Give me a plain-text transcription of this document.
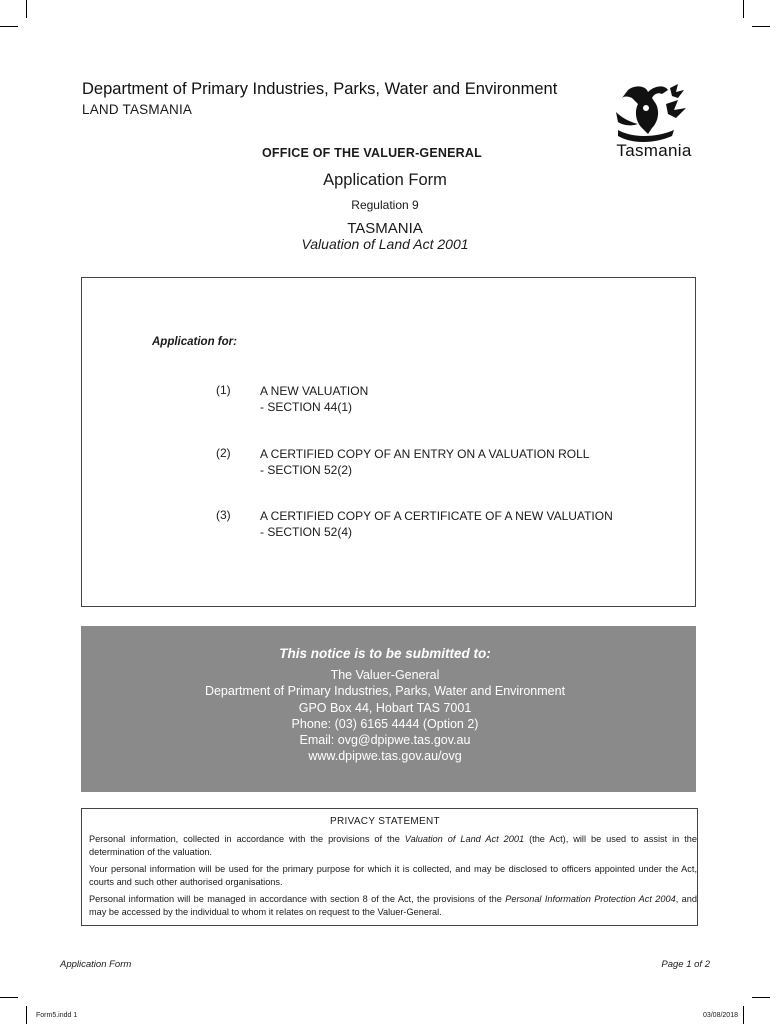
Department of Primary Industries, Parks, Water and Environment
LAND TASMANIA
OFFICE OF THE VALUER-GENERAL	Tasmania
Application Form
Regulation 9
TASMANIA
Valuation of Land Act 2001
Application for:
(1) A NEW VALUATION
- SECTION 44(1)
(2) A CERTIFIED COPY OF AN ENTRY ON A VALUATION ROLL
- SECTION 52(2)
(3) A CERTIFIED COPY OF A CERTIFICATE OF A NEW VALUATION
- SECTION 52(4)
This notice is to be submitted to:
The Valuer-General
Department of Primary Industries, Parks, Water and Environment
GPO Box 44, Hobart TAS 7001
Phone: (03) 6165 4444 (Option 2)
Email: ovg@dpipwe.tas.gov.au
www.dpipwe.tas.gov.au/ovg
PRIVACY STATEMENT
Personal information, collected in accordance with the provisions of the Valuation of Land Act 2001 (the Act), will be used to assist in the determination of the valuation.
Your personal information will be used for the primary purpose for which it is collected, and may be disclosed to officers appointed under the Act, courts and such other authorised organisations.
Personal information will be managed in accordance with section 8 of the Act, the provisions of the Personal Information Protection Act 2004, and may be accessed by the individual to whom it relates on request to the Valuer-General.
Application Form	Page 1 of 2
Form5.indd 1	03/08/2018
